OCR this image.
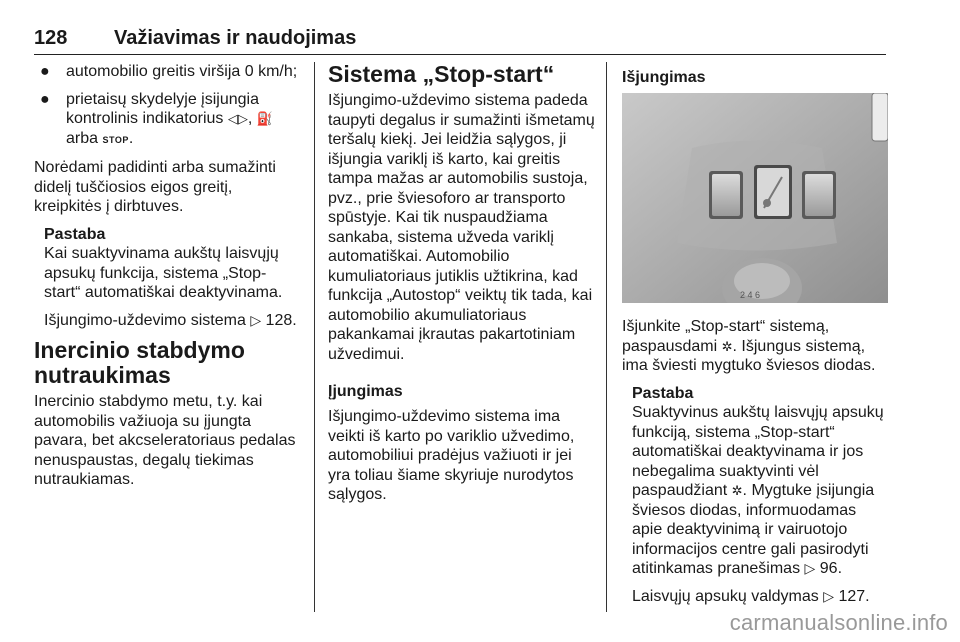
128 Važiavimas ir naudojimas
● automobilio greitis viršija 0 km/h;
● prietaisų skydelyje įsijungia
kontrolinis indikatorius ◁▷, ⛽
arba STOP.

Norėdami padidinti arba sumažinti
didelį tuščiosios eigos greitį,
kreipkitės į dirbtuves.

Pastaba
Kai suaktyvinama aukštų laisvųjų
apsukų funkcija, sistema „Stop-
start“ automatiškai deaktyvinama.

Išjungimo-uždevimo sistema ▷ 128.

Inercinio stabdymo
nutraukimas

Inercinio stabdymo metu, t.y. kai
automobilis važiuoja su įjungta
pavara, bet akcseleratoriaus pedalas
nenuspaustas, degalų tiekimas
nutraukiamas.

Sistema „Stop-start“

Išjungimo-uždevimo sistema padeda
taupyti degalus ir sumažinti išmetamų
teršalų kiekį. Jei leidžia sąlygos, ji
išjungia variklį iš karto, kai greitis
tampa mažas ar automobilis sustoja,
pvz., prie šviesoforo ar transporto
spūstyje. Kai tik nuspaudžiama
sankaba, sistema užveda variklį
automatiškai. Automobilio
kumuliatoriaus jutiklis užtikrina, kad
funkcija „Autostop“ veiktų tik tada, kai
automobilio akumuliatoriaus
pakankamai įkrautas pakartotiniam
užvedimui.

Įjungimas

Išjungimo-uždevimo sistema ima
veikti iš karto po variklio užvedimo,
automobiliui pradėjus važiuoti ir jei
yra toliau šiame skyriuje nurodytos
sąlygos.

Išjungimas
2 4 6

Išjunkite „Stop-start“ sistemą,
paspausdami ✲. Išjungus sistemą,
ima šviesti mygtuko šviesos diodas.

Pastaba
Suaktyvinus aukštų laisvųjų apsukų
funkciją, sistema „Stop-start“
automatiškai deaktyvinama ir jos
nebegalima suaktyvinti vėl
paspaudžiant ✲. Mygtuke įsijungia
šviesos diodas, informuodamas
apie deaktyvinimą ir vairuotojo
informacijos centre gali pasirodyti
atitinkamas pranešimas ▷ 96.

Laisvųjų apsukų valdymas ▷ 127.

carmanualsonline.info
